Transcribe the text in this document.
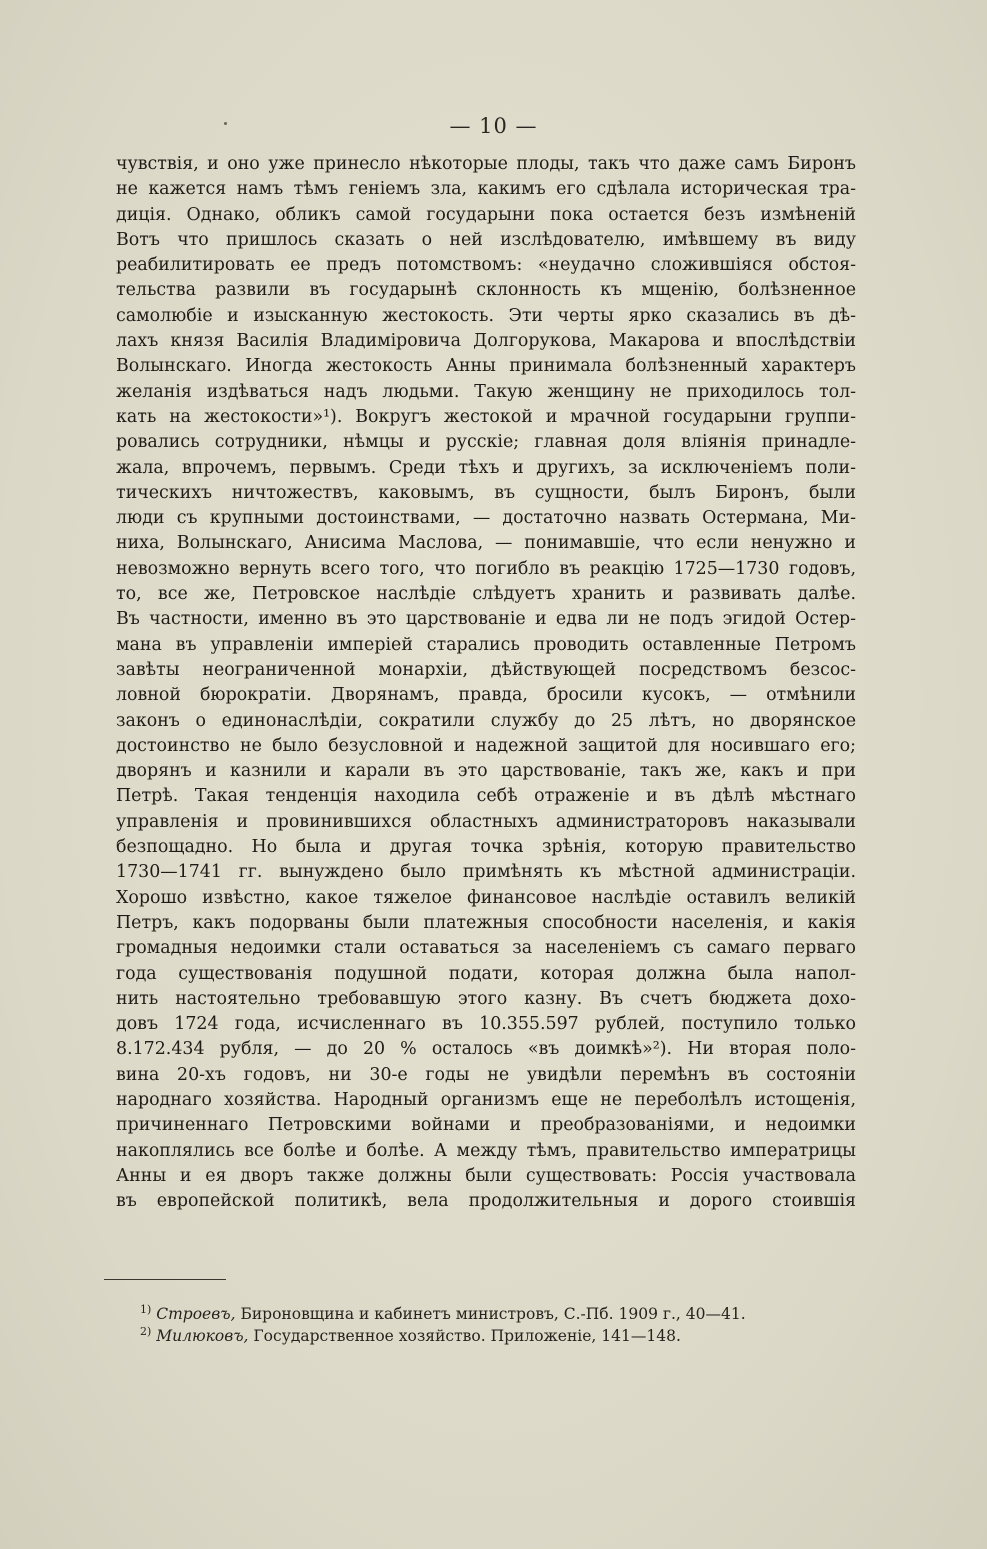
— 10 —
чувствія, и оно уже принесло нѣкоторые плоды, такъ что даже самъ Биронъ
не кажется намъ тѣмъ геніемъ зла, какимъ его сдѣлала историческая тра-
диція. Однако, обликъ самой государыни пока остается безъ измѣненій
Вотъ что пришлось сказать о ней изслѣдователю, имѣвшему въ виду
реабилитировать ее предъ потомствомъ: «неудачно сложившіяся обстоя-
тельства развили въ государынѣ склонность къ мщенію, болѣзненное
самолюбіе и изысканную жестокость. Эти черты ярко сказались въ дѣ-
лахъ князя Василія Владиміровича Долгорукова, Макарова и впослѣдствіи
Волынскаго. Иногда жестокость Анны принимала болѣзненный характеръ
желанія издѣваться надъ людьми. Такую женщину не приходилось тол-
кать на жестокости»¹). Вокругъ жестокой и мрачной государыни группи-
ровались сотрудники, нѣмцы и русскіе; главная доля вліянія принадле-
жала, впрочемъ, первымъ. Среди тѣхъ и другихъ, за исключеніемъ поли-
тическихъ ничтожествъ, каковымъ, въ сущности, былъ Биронъ, были
люди съ крупными достоинствами, — достаточно назвать Остермана, Ми-
ниха, Волынскаго, Анисима Маслова, — понимавшіе, что если ненужно и
невозможно вернуть всего того, что погибло въ реакцію 1725—1730 годовъ,
то, все же, Петровское наслѣдіе слѣдуетъ хранить и развивать далѣе.
Въ частности, именно въ это царствованіе и едва ли не подъ эгидой Остер-
мана въ управленіи имперіей старались проводить оставленные Петромъ
завѣты неограниченной монархіи, дѣйствующей посредствомъ безсос-
ловной бюрократіи. Дворянамъ, правда, бросили кусокъ, — отмѣнили
законъ о единонаслѣдіи, сократили службу до 25 лѣтъ, но дворянское
достоинство не было безусловной и надежной защитой для носившаго его;
дворянъ и казнили и карали въ это царствованіе, такъ же, какъ и при
Петрѣ. Такая тенденція находила себѣ отраженіе и въ дѣлѣ мѣстнаго
управленія и провинившихся областныхъ администраторовъ наказывали
безпощадно. Но была и другая точка зрѣнія, которую правительство
1730—1741 гг. вынуждено было примѣнять къ мѣстной администраціи.
Хорошо извѣстно, какое тяжелое финансовое наслѣдіе оставилъ великій
Петръ, какъ подорваны были платежныя способности населенія, и какія
громадныя недоимки стали оставаться за населеніемъ съ самаго перваго
года существованія подушной подати, которая должна была напол-
нить настоятельно требовавшую этого казну. Въ счетъ бюджета дохо-
довъ 1724 года, исчисленнаго въ 10.355.597 рублей, поступило только
8.172.434 рубля, — до 20 % осталось «въ доимкѣ»²). Ни вторая поло-
вина 20-хъ годовъ, ни 30-е годы не увидѣли перемѣнъ въ состояніи
народнаго хозяйства. Народный организмъ еще не переболѣлъ истощенія,
причиненнаго Петровскими войнами и преобразованіями, и недоимки
накоплялись все болѣе и болѣе. А между тѣмъ, правительство императрицы
Анны и ея дворъ также должны были существовать: Россія участвовала
въ европейской политикѣ, вела продолжительныя и дорого стоившія
$^{1)}$ Строевъ, Бироновщина и кабинетъ министровъ, С.-Пб. 1909 г., 40—41.
$^{2)}$ Милюковъ, Государственное хозяйство. Приложеніе, 141—148.
